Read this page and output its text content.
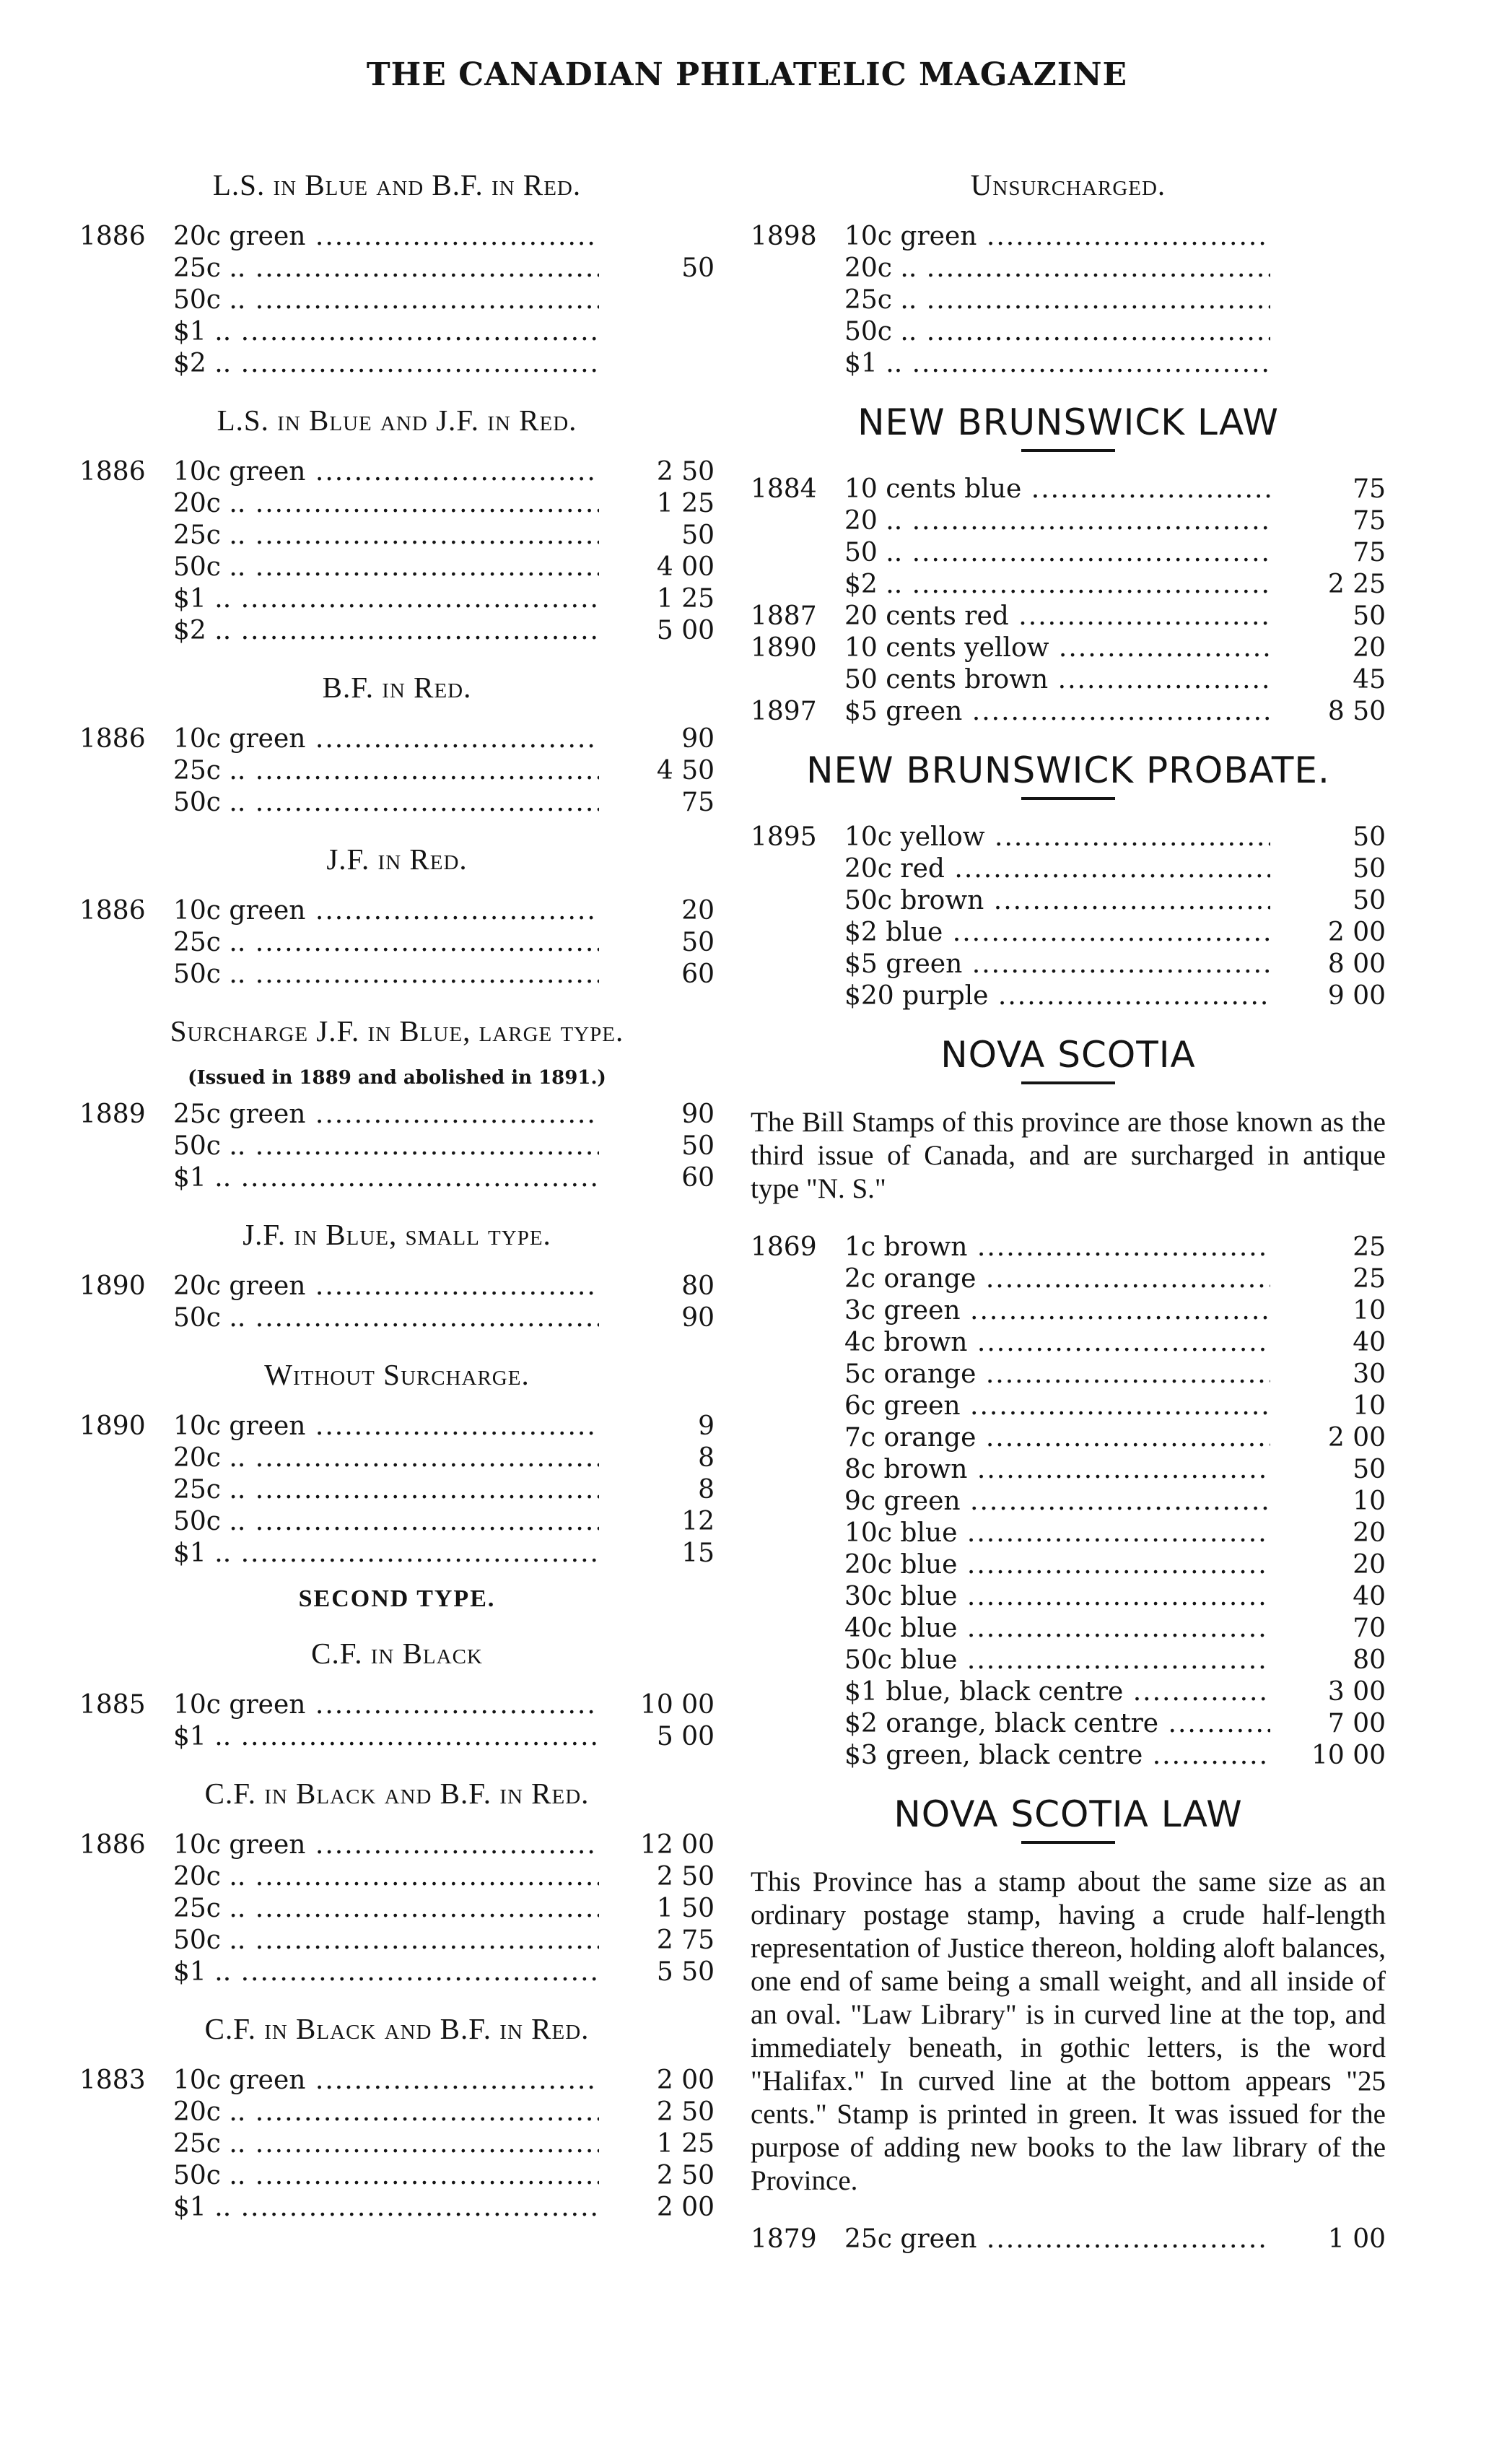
THE CANADIAN PHILATELIC MAGAZINE
L.S. in Blue and B.F. in Red.
1886	20c green .....
25c .. .....	50
50c .. .....
$1 .. .....
$2 .. .....
L.S. in Blue and J.F. in Red.
1886	10c green .....	2 50
20c .. .....	1 25
25c .. .....	50
50c .. .....	4 00
$1 .. .....	1 25
$2 .. .....	5 00
B.F. in Red.
1886	10c green .....	90
25c .. .....	4 50
50c .. .....	75
J.F. in Red.
1886	10c green .....	20
25c .. .....	50
50c .. .....	60
Surcharge J.F. in Blue, large type.
(Issued in 1889 and abolished in 1891.)
1889	25c green .....	90
50c .. .....	50
$1 .. .....	60
J.F. in Blue, small type.
1890	20c green .....	80
50c .. .....	90
Without Surcharge.
1890	10c green .....	9
20c .. .....	8
25c .. .....	8
50c .. .....	12
$1 .. .....	15
SECOND TYPE.
C.F. in Black
1885	10c green .....	10 00
$1 .. .....	5 00
C.F. in Black and B.F. in Red.
1886	10c green .....	12 00
20c .. .....	2 50
25c .. .....	1 50
50c .. .....	2 75
$1 .. .....	5 50
C.F. in Black and B.F. in Red.
1883	10c green .....	2 00
20c .. .....	2 50
25c .. .....	1 25
50c .. .....	2 50
$1 .. .....	2 00
Unsurcharged.
1898	10c green .....
20c .. .....
25c .. .....
50c .. .....
$1 .. .....
NEW BRUNSWICK LAW
1884	10 cents blue .....	75
20 .. .....	75
50 .. .....	75
$2 .. .....	2 25
1887	20 cents red .....	50
1890	10 cents yellow .....	20
50 cents brown .....	45
1897	$5 green .....	8 50
NEW BRUNSWICK PROBATE.
1895	10c yellow .....	50
20c red .....	50
50c brown .....	50
$2 blue .....	2 00
$5 green .....	8 00
$20 purple .....	9 00
NOVA SCOTIA
The Bill Stamps of this province are those known as the third issue of Canada, and are surcharged in antique type "N. S."
1869	1c brown .....	25
2c orange .....	25
3c green .....	10
4c brown .....	40
5c orange .....	30
6c green .....	10
7c orange .....	2 00
8c brown .....	50
9c green .....	10
10c blue .....	20
20c blue .....	20
30c blue .....	40
40c blue .....	70
50c blue .....	80
$1 blue, black centre .....	3 00
$2 orange, black centre .....	7 00
$3 green, black centre .....	10 00
NOVA SCOTIA LAW
This Province has a stamp about the same size as an ordinary postage stamp, having a crude half-length representation of Justice thereon, holding aloft balances, one end of same being a small weight, and all inside of an oval. "Law Library" is in curved line at the top, and immediately beneath, in gothic letters, is the word "Halifax." In curved line at the bottom appears "25 cents." Stamp is printed in green. It was issued for the purpose of adding new books to the law library of the Province.
1879	25c green .....	1 00
